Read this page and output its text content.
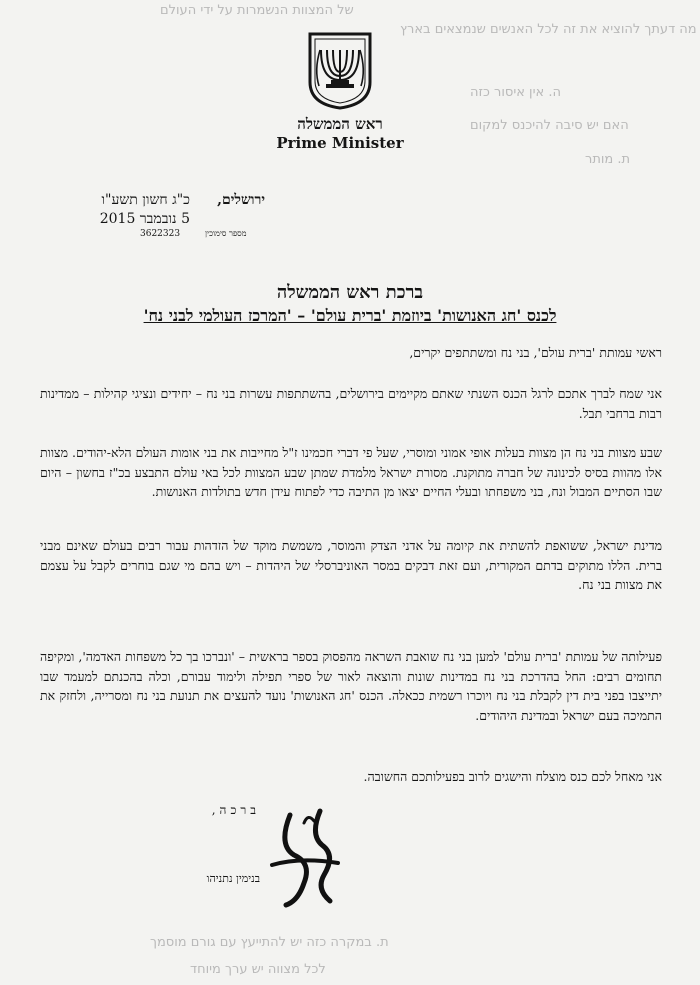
של המצוות הנשמרות על ידי העולם
מה דעתך להוציא את זה לכל האנשים שנמצאים בארץ
ה. אין איסור כזה
האם יש סיבה להיכנס למקום
ת. מותר
ת. במקרה כזה יש להתייעץ עם גורם מוסמך
לכל מצווה יש ערך מיוחד
ראש הממשלה
Prime Minister
ירושלים,
כ"ג חשון תשע"ו
5 נובמבר 2015
מספר סימוכין
3622323
ברכת ראש הממשלה
לכנס 'חג האנושות' ביוזמת 'ברית עולם' – 'המרכז העולמי לבני נח'
ראשי עמותת 'ברית עולם', בני נח ומשתתפים יקרים,
אני שמח לברך אתכם לרגל הכנס השנתי שאתם מקיימים בירושלים, בהשתתפות עשרות בני נח – יחידים ונציגי קהילות – ממדינות רבות ברחבי תבל.
שבע מצוות בני נח הן מצוות בעלות אופי אמוני ומוסרי, שעל פי דברי חכמינו ז"ל מחייבות את בני אומות העולם הלא-יהודים. מצוות אלו מהוות בסיס לכינונה של חברה מתוקנת. מסורת ישראל מלמדת שמתן שבע המצוות לכל באי עולם התבצע בכ"ז בחשון – היום שבו הסתיים המבול ונח, בני משפחתו ובעלי החיים יצאו מן התיבה כדי לפתוח עידן חדש בתולדות האנושות.
מדינת ישראל, ששואפת להשתית את קיומה על אדני הצדק והמוסר, משמשת מוקד של הזדהות עבור רבים בעולם שאינם מבני ברית. הללו מתוקים בדתם המקורית, ועם זאת דבקים במסר האוניברסלי של היהדות – ויש בהם מי שגם בוחרים לקבל על עצמם את מצוות בני נח.
פעילותה של עמותת 'ברית עולם' למען בני נח שואבת השראה מהפסוק בספר בראשית – 'ונברכו בך כל משפחות האדמה', ומקיפה תחומים רבים: החל בהדרכת בני נח במדינות שונות והוצאה לאור של ספרי תפילה ולימוד עבורם, וכלה בהכנתם למעמד שבו יתייצבו בפני בית דין לקבלת בני נח ויוכרו רשמית ככאלה. הכנס 'חג האנושות' נועד להעצים את תנועת בני נח ומסרייה, ולחזק את התמיכה בעם ישראל ובמדינת היהודים.
אני מאחל לכם כנס מוצלח והישגים לרוב בפעילותכם החשובה.
ברכה,
בנימין נתניהו
